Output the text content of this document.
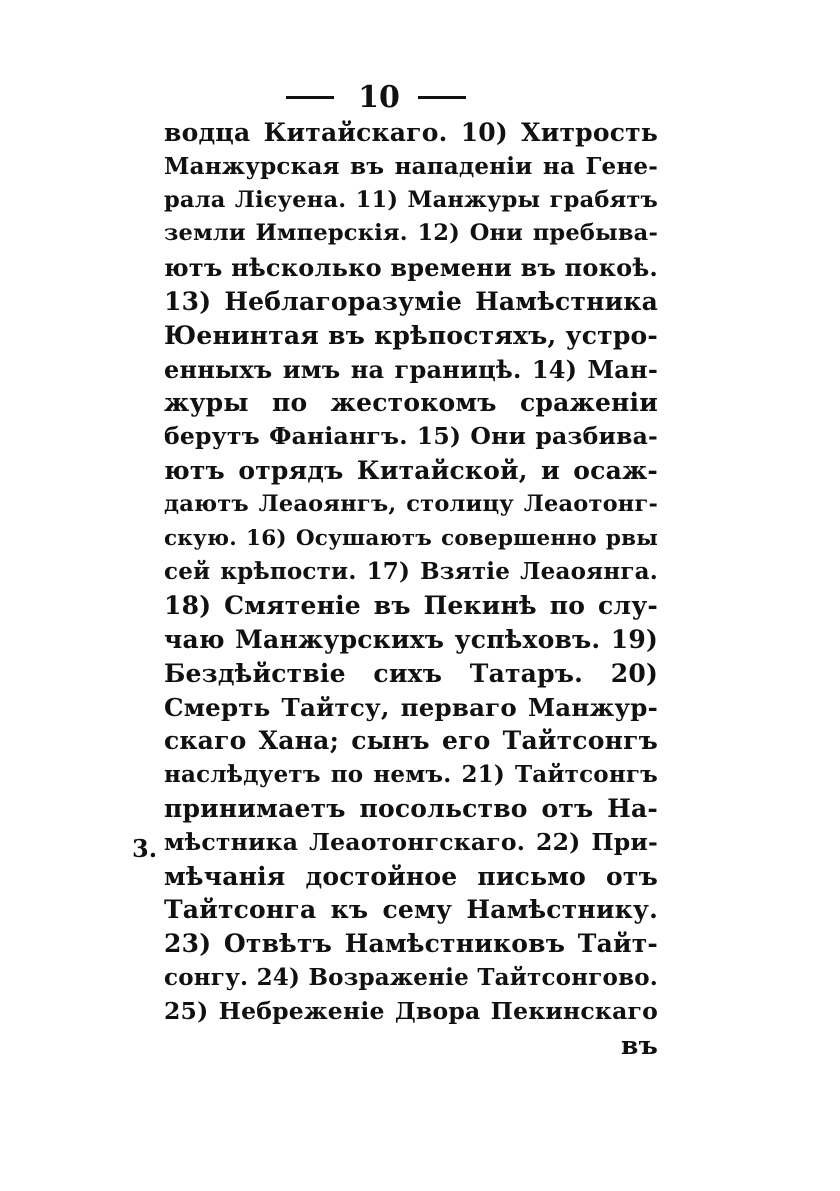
10
3.
водца Китайскаго. 10) Хитрость
Манжурская въ нападеніи на Гене-
рала Лієуена. 11) Манжуры грабятъ
земли Имперскія. 12) Они пребыва-
ютъ нѣсколько времени въ покоѣ.
13) Неблагоразуміе Намѣстника
Юенинтая въ крѣпостяхъ, устро-
енныхъ имъ на границѣ. 14) Ман-
журы по жестокомъ сраженіи
берутъ Фаніангъ. 15) Они разбива-
ютъ отрядъ Китайской, и осаж-
даютъ Леаоянгъ, столицу Леаотонг-
скую. 16) Осушаютъ совершенно рвы
сей крѣпости. 17) Взятіе Леаоянга.
18) Смятеніе въ Пекинѣ по слу-
чаю Манжурскихъ успѣховъ. 19)
Бездѣйствіе сихъ Татаръ. 20)
Смерть Тайтсу, перваго Манжур-
скаго Хана; сынъ его Тайтсонгъ
наслѣдуетъ по немъ. 21) Тайтсонгъ
принимаетъ посольство отъ На-
мѣстника Леаотонгскаго. 22) При-
мѣчанія достойное письмо отъ
Тайтсонга къ сему Намѣстнику.
23) Отвѣтъ Намѣстниковъ Тайт-
сонгу. 24) Возраженіе Тайтсонгово.
25) Небреженіе Двора Пекинскаго
въ
